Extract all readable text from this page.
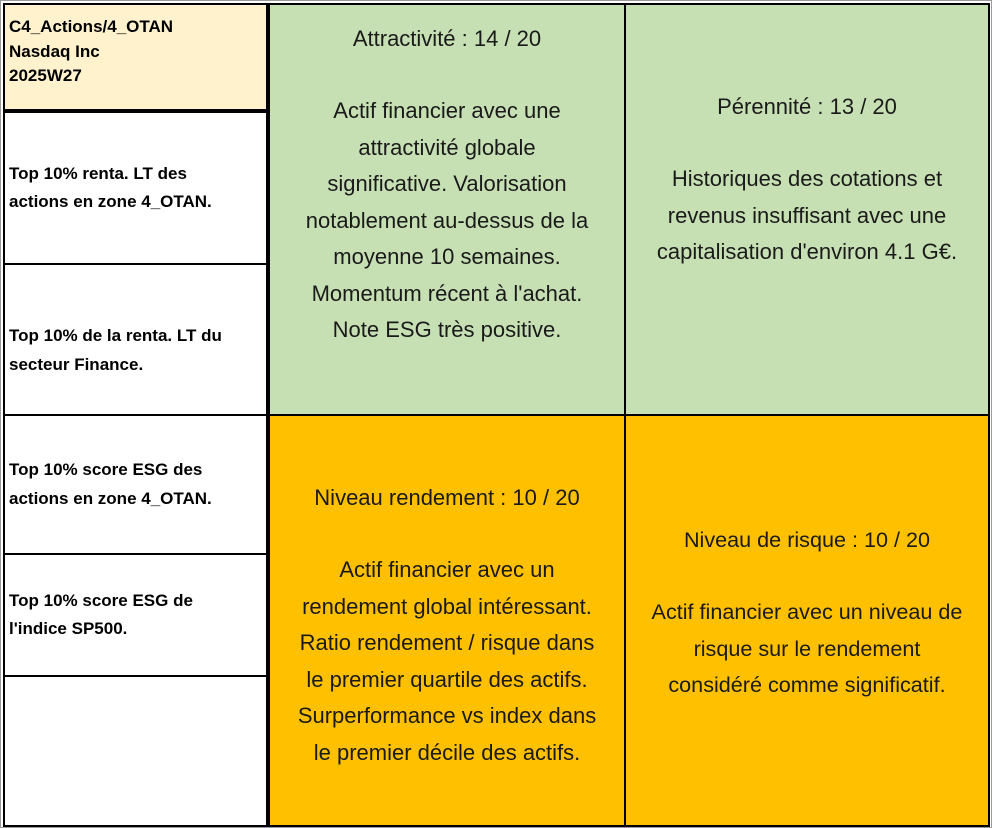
C4_Actions/4_OTAN
Nasdaq Inc
2025W27
Top 10% renta. LT des
actions en zone 4_OTAN.
Top 10% de la renta. LT du
secteur Finance.
Top 10% score ESG des
actions en zone 4_OTAN.
Top 10% score ESG de
l'indice SP500.
Attractivité : 14 / 20
Actif financier avec une
attractivité globale
significative. Valorisation
notablement au-dessus de la
moyenne 10 semaines.
Momentum récent à l'achat.
Note ESG très positive.
Pérennité : 13 / 20
Historiques des cotations et
revenus insuffisant avec une
capitalisation d'environ 4.1 G€.
Niveau rendement : 10 / 20
Actif financier avec un
rendement global intéressant.
Ratio rendement / risque dans
le premier quartile des actifs.
Surperformance vs index dans
le premier décile des actifs.
Niveau de risque : 10 / 20
Actif financier avec un niveau de
risque sur le rendement
considéré comme significatif.
